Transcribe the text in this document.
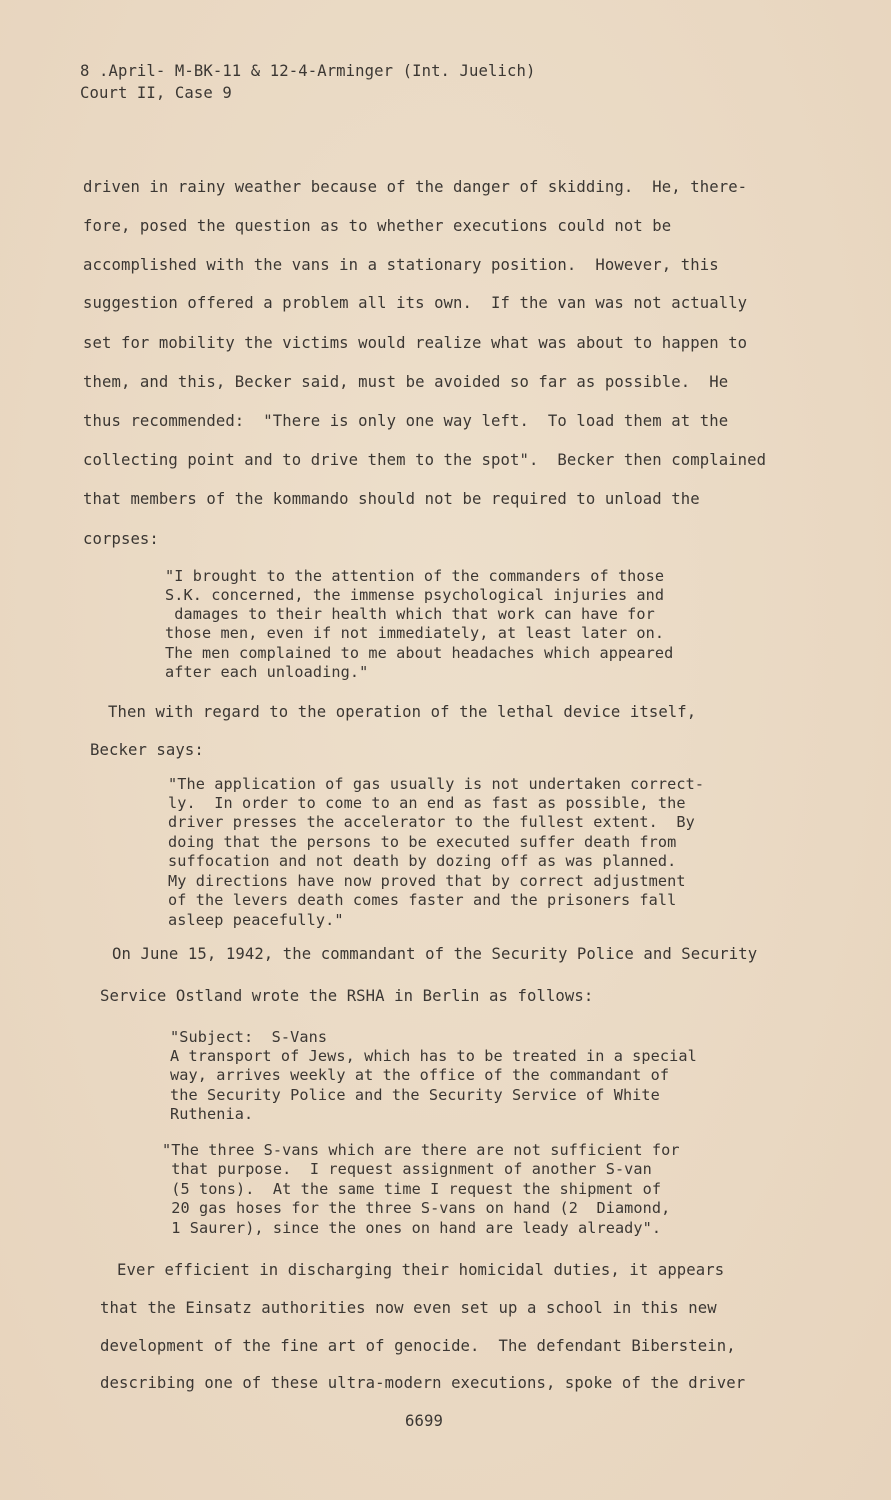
8 .April- M-BK-11 & 12-4-Arminger (Int. Juelich)
Court II, Case 9
driven in rainy weather because of the danger of skidding.  He, there-
fore, posed the question as to whether executions could not be
accomplished with the vans in a stationary position.  However, this
suggestion offered a problem all its own.  If the van was not actually
set for mobility the victims would realize what was about to happen to
them, and this, Becker said, must be avoided so far as possible.  He
thus recommended:  "There is only one way left.  To load them at the
collecting point and to drive them to the spot".  Becker then complained
that members of the kommando should not be required to unload the
corpses:
"I brought to the attention of the commanders of those
S.K. concerned, the immense psychological injuries and
damages to their health which that work can have for
those men, even if not immediately, at least later on.
The men complained to me about headaches which appeared
after each unloading."
Then with regard to the operation of the lethal device itself,
Becker says:
"The application of gas usually is not undertaken correct-
ly.  In order to come to an end as fast as possible, the
driver presses the accelerator to the fullest extent.  By
doing that the persons to be executed suffer death from
suffocation and not death by dozing off as was planned.
My directions have now proved that by correct adjustment
of the levers death comes faster and the prisoners fall
asleep peacefully."
On June 15, 1942, the commandant of the Security Police and Security
Service Ostland wrote the RSHA in Berlin as follows:
"Subject:  S-Vans
A transport of Jews, which has to be treated in a special
way, arrives weekly at the office of the commandant of
the Security Police and the Security Service of White
Ruthenia.
"The three S-vans which are there are not sufficient for
that purpose.  I request assignment of another S-van
(5 tons).  At the same time I request the shipment of
20 gas hoses for the three S-vans on hand (2  Diamond,
1 Saurer), since the ones on hand are leady already".
Ever efficient in discharging their homicidal duties, it appears
that the Einsatz authorities now even set up a school in this new
development of the fine art of genocide.  The defendant Biberstein,
describing one of these ultra-modern executions, spoke of the driver
6699
